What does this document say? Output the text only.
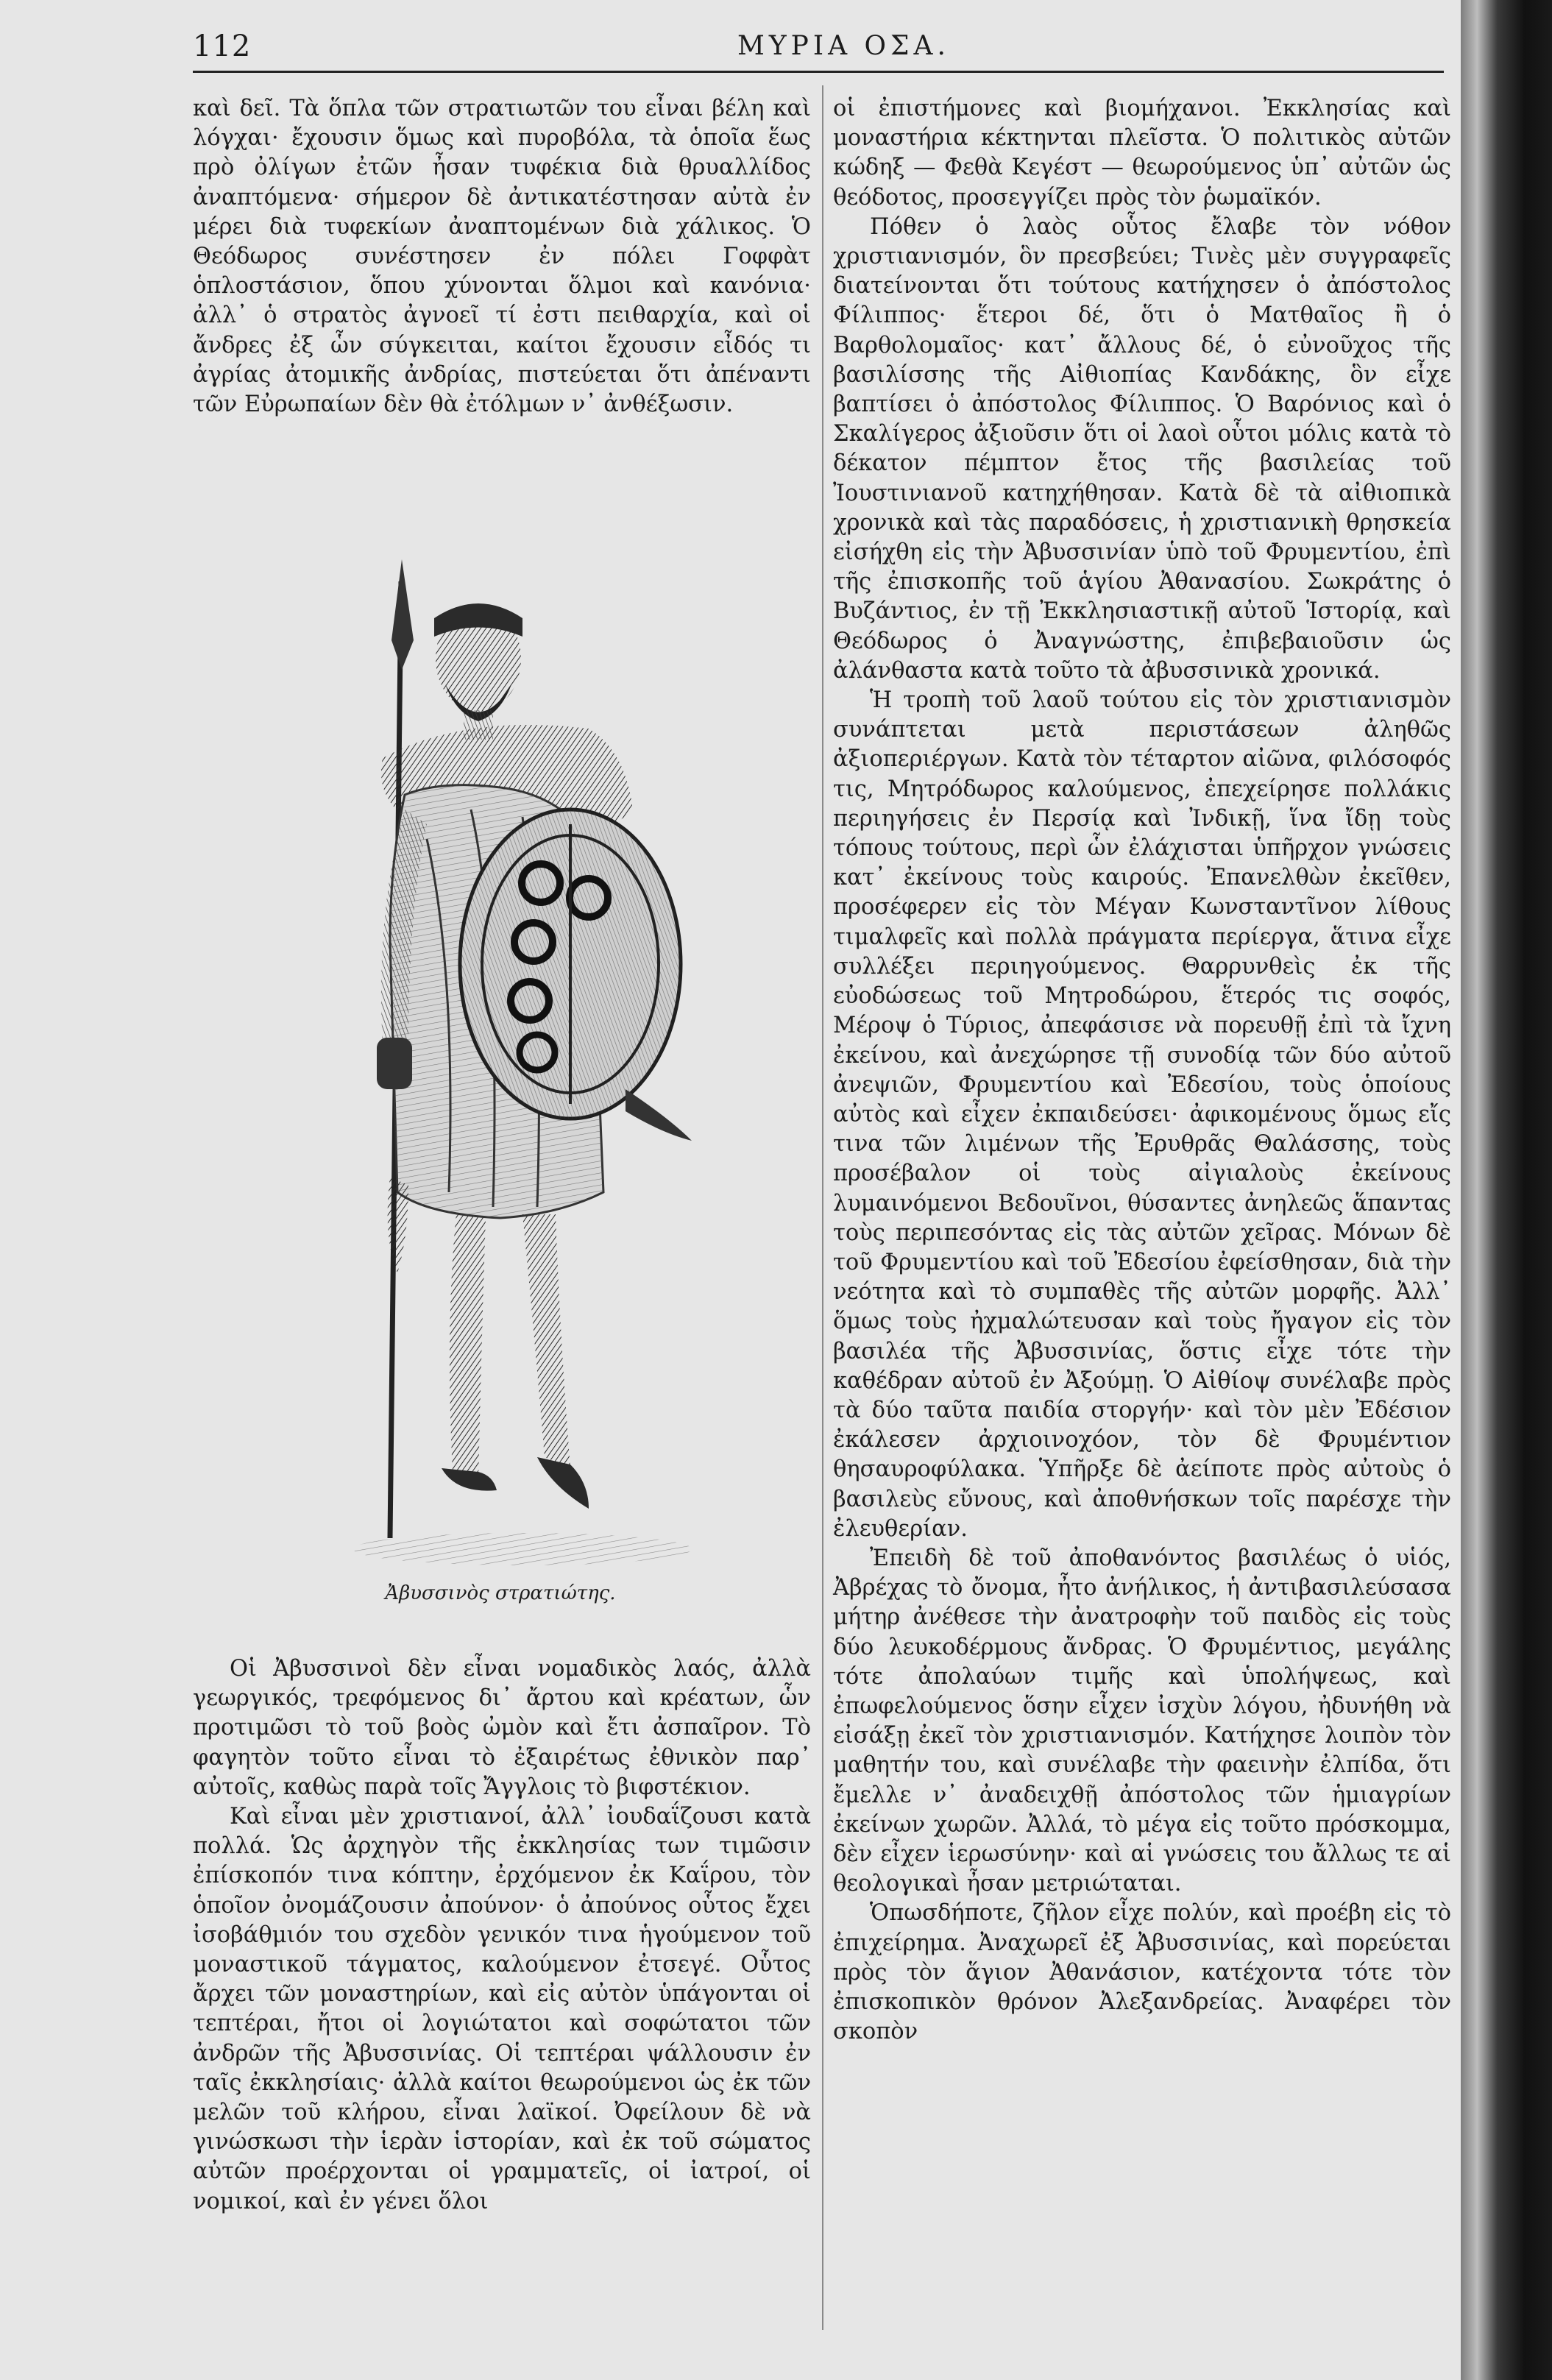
112	ΜΥΡΙΑ ΟΣΑ.

καὶ δεῖ. Τὰ ὅπλα τῶν στρατιωτῶν του εἶναι βέλη καὶ λόγχαι· ἔχουσιν ὅμως καὶ πυροβόλα, τὰ ὁποῖα ἕως πρὸ ὀλίγων ἐτῶν ἦσαν τυφέκια διὰ θρυαλλίδος ἀναπτόμενα· σήμερον δὲ ἀντικατέστησαν αὐτὰ ἐν μέρει διὰ τυφεκίων ἀναπτομένων διὰ χάλικος. Ὁ Θεόδωρος συνέστησεν ἐν πόλει Γοφφὰτ ὁπλοστάσιον, ὅπου χύνονται ὅλμοι καὶ κανόνια· ἀλλ᾽ ὁ στρατὸς ἀγνοεῖ τί ἐστι πειθαρχία, καὶ οἱ ἄνδρες ἐξ ὧν σύγκειται, καίτοι ἔχουσιν εἶδός τι ἀγρίας ἀτομικῆς ἀνδρίας, πιστεύεται ὅτι ἀπέναντι τῶν Εὐρωπαίων δὲν θὰ ἐτόλμων ν᾽ ἀνθέξωσιν.

Ἀβυσσινὸς στρατιώτης.

Οἱ Ἀβυσσινοὶ δὲν εἶναι νομαδικὸς λαός, ἀλλὰ γεωργικός, τρεφόμενος δι᾽ ἄρτου καὶ κρέατων, ὧν προτιμῶσι τὸ τοῦ βοὸς ὠμὸν καὶ ἔτι ἀσπαῖρον. Τὸ φαγητὸν τοῦτο εἶναι τὸ ἐξαιρέτως ἐθνικὸν παρ᾽ αὐτοῖς, καθὼς παρὰ τοῖς Ἄγγλοις τὸ βιφστέκιον.

Καὶ εἶναι μὲν χριστιανοί, ἀλλ᾽ ἰουδαΐζουσι κατὰ πολλά. Ὡς ἀρχηγὸν τῆς ἐκκλησίας των τιμῶσιν ἐπίσκοπόν τινα κόπτην, ἐρχόμενον ἐκ Καΐρου, τὸν ὁποῖον ὀνομάζουσιν ἀπούνον· ὁ ἀπούνος οὗτος ἔχει ἰσοβάθμιόν του σχεδὸν γενικόν τινα ἡγούμενον τοῦ μοναστικοῦ τάγματος, καλούμενον ἐτσεγέ. Οὗτος ἄρχει τῶν μοναστηρίων, καὶ εἰς αὐτὸν ὑπάγονται οἱ τεπτέραι, ἤτοι οἱ λογιώτατοι καὶ σοφώτατοι τῶν ἀνδρῶν τῆς Ἀβυσσινίας. Οἱ τεπτέραι ψάλλουσιν ἐν ταῖς ἐκκλησίαις· ἀλλὰ καίτοι θεωρούμενοι ὡς ἐκ τῶν μελῶν τοῦ κλήρου, εἶναι λαϊκοί. Ὀφείλουν δὲ νὰ γινώσκωσι τὴν ἱερὰν ἱστορίαν, καὶ ἐκ τοῦ σώματος αὐτῶν προέρχονται οἱ γραμματεῖς, οἱ ἰατροί, οἱ νομικοί, καὶ ἐν γένει ὅλοι

οἱ ἐπιστήμονες καὶ βιομήχανοι. Ἐκκλησίας καὶ μοναστήρια κέκτηνται πλεῖστα. Ὁ πολιτικὸς αὐτῶν κώδηξ — Φεθὰ Κεγέστ — θεωρούμενος ὑπ᾽ αὐτῶν ὡς θεόδοτος, προσεγγίζει πρὸς τὸν ῥωμαϊκόν.

Πόθεν ὁ λαὸς οὗτος ἔλαβε τὸν νόθον χριστιανισμόν, ὃν πρεσβεύει; Τινὲς μὲν συγγραφεῖς διατείνονται ὅτι τούτους κατήχησεν ὁ ἀπόστολος Φίλιππος· ἕτεροι δέ, ὅτι ὁ Ματθαῖος ἢ ὁ Βαρθολομαῖος· κατ᾽ ἄλλους δέ, ὁ εὐνοῦχος τῆς βασιλίσσης τῆς Αἰθιοπίας Κανδάκης, ὃν εἶχε βαπτίσει ὁ ἀπόστολος Φίλιππος. Ὁ Βαρόνιος καὶ ὁ Σκαλίγερος ἀξιοῦσιν ὅτι οἱ λαοὶ οὗτοι μόλις κατὰ τὸ δέκατον πέμπτον ἔτος τῆς βασιλείας τοῦ Ἰουστινιανοῦ κατηχήθησαν. Κατὰ δὲ τὰ αἰθιοπικὰ χρονικὰ καὶ τὰς παραδόσεις, ἡ χριστιανικὴ θρησκεία εἰσήχθη εἰς τὴν Ἀβυσσινίαν ὑπὸ τοῦ Φρυμεντίου, ἐπὶ τῆς ἐπισκοπῆς τοῦ ἁγίου Ἀθανασίου. Σωκράτης ὁ Βυζάντιος, ἐν τῇ Ἐκκλησιαστικῇ αὐτοῦ Ἱστορίᾳ, καὶ Θεόδωρος ὁ Ἀναγνώστης, ἐπιβεβαιοῦσιν ὡς ἀλάνθαστα κατὰ τοῦτο τὰ ἀβυσσινικὰ χρονικά.

Ἡ τροπὴ τοῦ λαοῦ τούτου εἰς τὸν χριστιανισμὸν συνάπτεται μετὰ περιστάσεων ἀληθῶς ἀξιοπεριέργων. Κατὰ τὸν τέταρτον αἰῶνα, φιλόσοφός τις, Μητρόδωρος καλούμενος, ἐπεχείρησε πολλάκις περιηγήσεις ἐν Περσίᾳ καὶ Ἰνδικῇ, ἵνα ἴδῃ τοὺς τόπους τούτους, περὶ ὧν ἐλάχισται ὑπῆρχον γνώσεις κατ᾽ ἐκείνους τοὺς καιρούς. Ἐπανελθὼν ἐκεῖθεν, προσέφερεν εἰς τὸν Μέγαν Κωνσταντῖνον λίθους τιμαλφεῖς καὶ πολλὰ πράγματα περίεργα, ἅτινα εἶχε συλλέξει περιηγούμενος. Θαρρυνθεὶς ἐκ τῆς εὐοδώσεως τοῦ Μητροδώρου, ἕτερός τις σοφός, Μέροψ ὁ Τύριος, ἀπεφάσισε νὰ πορευθῇ ἐπὶ τὰ ἴχνη ἐκείνου, καὶ ἀνεχώρησε τῇ συνοδίᾳ τῶν δύο αὐτοῦ ἀνεψιῶν, Φρυμεντίου καὶ Ἐδεσίου, τοὺς ὁποίους αὐτὸς καὶ εἶχεν ἐκπαιδεύσει· ἀφικομένους ὅμως εἴς τινα τῶν λιμένων τῆς Ἐρυθρᾶς Θαλάσσης, τοὺς προσέβαλον οἱ τοὺς αἰγιαλοὺς ἐκείνους λυμαινόμενοι Βεδουῖνοι, θύσαντες ἀνηλεῶς ἅπαντας τοὺς περιπεσόντας εἰς τὰς αὐτῶν χεῖρας. Μόνων δὲ τοῦ Φρυμεντίου καὶ τοῦ Ἐδεσίου ἐφείσθησαν, διὰ τὴν νεότητα καὶ τὸ συμπαθὲς τῆς αὐτῶν μορφῆς. Ἀλλ᾽ ὅμως τοὺς ἠχμαλώτευσαν καὶ τοὺς ἤγαγον εἰς τὸν βασιλέα τῆς Ἀβυσσινίας, ὅστις εἶχε τότε τὴν καθέδραν αὐτοῦ ἐν Ἀξούμῃ. Ὁ Αἰθίοψ συνέλαβε πρὸς τὰ δύο ταῦτα παιδία στοργήν· καὶ τὸν μὲν Ἐδέσιον ἐκάλεσεν ἀρχιοινοχόον, τὸν δὲ Φρυμέντιον θησαυροφύλακα. Ὑπῆρξε δὲ ἀείποτε πρὸς αὐτοὺς ὁ βασιλεὺς εὔνους, καὶ ἀποθνήσκων τοῖς παρέσχε τὴν ἐλευθερίαν.

Ἐπειδὴ δὲ τοῦ ἀποθανόντος βασιλέως ὁ υἱός, Ἀβρέχας τὸ ὄνομα, ἦτο ἀνήλικος, ἡ ἀντιβασιλεύσασα μήτηρ ἀνέθεσε τὴν ἀνατροφὴν τοῦ παιδὸς εἰς τοὺς δύο λευκοδέρμους ἄνδρας. Ὁ Φρυμέντιος, μεγάλης τότε ἀπολαύων τιμῆς καὶ ὑπολήψεως, καὶ ἐπωφελούμενος ὅσην εἶχεν ἰσχὺν λόγου, ἠδυνήθη νὰ εἰσάξῃ ἐκεῖ τὸν χριστιανισμόν. Κατήχησε λοιπὸν τὸν μαθητήν του, καὶ συνέλαβε τὴν φαεινὴν ἐλπίδα, ὅτι ἔμελλε ν᾽ ἀναδειχθῇ ἀπόστολος τῶν ἡμιαγρίων ἐκείνων χωρῶν. Ἀλλά, τὸ μέγα εἰς τοῦτο πρόσκομμα, δὲν εἶχεν ἱερωσύνην· καὶ αἱ γνώσεις του ἄλλως τε αἱ θεολογικαὶ ἦσαν μετριώταται.

Ὁπωσδήποτε, ζῆλον εἶχε πολύν, καὶ προέβη εἰς τὸ ἐπιχείρημα. Ἀναχωρεῖ ἐξ Ἀβυσσινίας, καὶ πορεύεται πρὸς τὸν ἅγιον Ἀθανάσιον, κατέχοντα τότε τὸν ἐπισκοπικὸν θρόνον Ἀλεξανδρείας. Ἀναφέρει τὸν σκοπὸν
